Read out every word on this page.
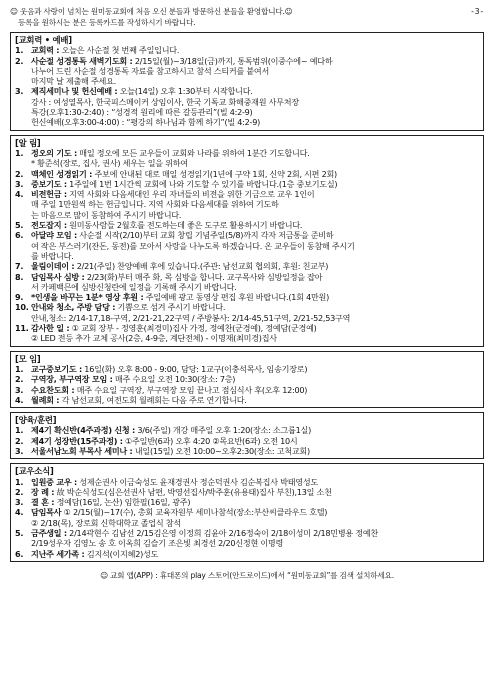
☺ 웃음과 사랑이 넘치는 원미동교회에 처음 오신 분들과 방문하신 분들을 환영합니다.☺
등록을 원하시는 분은 등록카드를 작성하시기 바랍니다.
-3-
[교회력 • 예배]
1. 교회력 : 오늘은 사순절 첫 번째 주일입니다.
2. 사순절 성경통독 새벽기도회 : 2/15일(월)~3/18일(금)까지, 통독범위(이중수에~ 예다하
나누어 드린 사순절 성경통독 자료를 참고하시고 참석 스티커를 붙여서
마지막 날 제출해 주세요.
3. 제직세미나 및 헌신예배 : 오늘(14일) 오후 1:30부터 시작합니다.
강사 : 여성열목사, 한국피스메이커 상임이사, 한국 기독교 화해중재원 사무처장
특강(오후1:30-2:40) : “성경적 원리에 따른 갈등관리”(빌 4:2-9)
헌신예배(오후3:00-4:00) : “평강의 하나님과 함께 하기”(빌 4:2-9)
[알 림]
1. 정오의 기도 : 매일 정오에 모든 교우들이 교회와 나라를 위하여 1분간 기도합니다.
* 황준석(장로, 집사, 권사) 세우는 일을 위하여
2. 맥체인 성경읽기 : 주보에 안내된 대로 매일 성경읽기(1년에 구약 1회, 신약 2회, 시편 2회)
3. 중보기도 : 1주일에 1번 1시간씩 교회에 나와 기도할 수 있기를 바랍니다.(1층 중보기도실)
4. 비전헌금 : 지역 사회와 다음세대인 우리 자녀들의 비전을 위한 기금으로 교우 1인이
매 주일 1만원씩 하는 헌금입니다. 지역 사회와 다음세대를 위하여 기도하
는 마음으로 많이 동참하여 주시기 바랍니다.
5. 전도잡지 : 원미동사람들 2월호를 전도하는데 좋은 도구로 활용하시기 바랍니다.
6. 아달랴 모임 : 사순절 시작(2/10)부터 교회 창립 기념주일(5/8)까지 각자 저금통을 준비하
여 작은 부스러기(잔돈, 동전)를 모아서 사랑을 나누도록 하겠습니다. 온 교우들이 동참해 주시기
를 바랍니다.
7. 울림이데이 : 2/21(주일) 찬양예배 후에 있습니다.(주관: 남선교회 협의회, 후원: 친교부)
8. 담임목사 심방 : 2/23(화)부터 매주 화, 목 심방을 합니다. 교구목사와 심방일정을 잡아
서 카페백믄에 심방신청란에 일정을 기록해 주시기 바랍니다.
9. *인생을 바꾸는 1분* 영상 후원 : 주일예배 광고 동영상 편집 후원 바랍니다.(1회 4만원)
10. 안내와 청소, 주방 담당 : 기쁨으로 섬겨 주시기 바랍니다.
안내,청소: 2/14-17,18-구역, 2/21-21,22구역 / 주방봉사: 2/14-45,51구역, 2/21-52,53구역
11. 감사한 일 : ① 교회 장부 - 정영훈(최경미)집사 가정, 정예찬(군경예), 정예담(군경예)
② LED 전등 추가 교체 공사(2층, 4-9층, 계단전체) - 이명재(최미경)집사
[모 임]
1. 교구중보기도 : 16일(화) 오후 8:00 - 9:00, 담당: 1교구(이충석목사, 임송기장로)
2. 구역장, 부구역장 모임 : 매주 수요일 오전 10:30(장소: 7층)
3. 수요찬도회 : 매주 수요일 구역장, 부구역장 모임 끝나고 점심식사 후(오후 12:00)
4. 월례회 : 각 남선교회, 여전도회 월례회는 다음 주로 연기합니다.
[양육/훈련]
1. 제4기 확신반(4주과정) 신청 : 3/6(주일) 개강 매주일 오후 1:20(장소: 소그룹1실)
2. 제4기 성장반(15주과정) : ①주일반(6과) 오후 4:20 ②목요반(6과) 오전 10시
3. 서울서남노회 부목사 세미나 : 내일(15일) 오전 10:00~오후2:30(장소: 고척교회)
[교우소식]
1. 입원중 교우 : 성제순권사 이금숙성도 윤재경권사 정순덕권사 김순복집사 박태영성도
2. 장 례 : 故 박순식성도(심은선권사 남편, 박영선집사/박주훈(유용태)집사 부친),13일 소천
3. 결 혼 : 정예담(16일, 논산) 임한필(16일, 광주)
4. 담임목사 ① 2/15(월)~17(수), 총회 교육자원부 세미나참석(장소:부산씨클라우드 호텔)
② 2/18(목), 장로회 신학대학교 졸업식 참석
5. 금주생일 : 2/14곽현수 김남선 2/15김은영 이정희 김윤아 2/16정숙이 2/18이성미 2/18민병용 정예찬
2/19성우자 김영노 송 호 이옥희 김슬기 조은빛 최경선 2/20신정현 이명령
6. 지난주 세가족 : 김지석(이지혜2)성도
☺ 교회 앱(APP) : 휴대폰의 play 스토어(안드로이드)에서 “원미동교회”를 검색 설치하세요.
